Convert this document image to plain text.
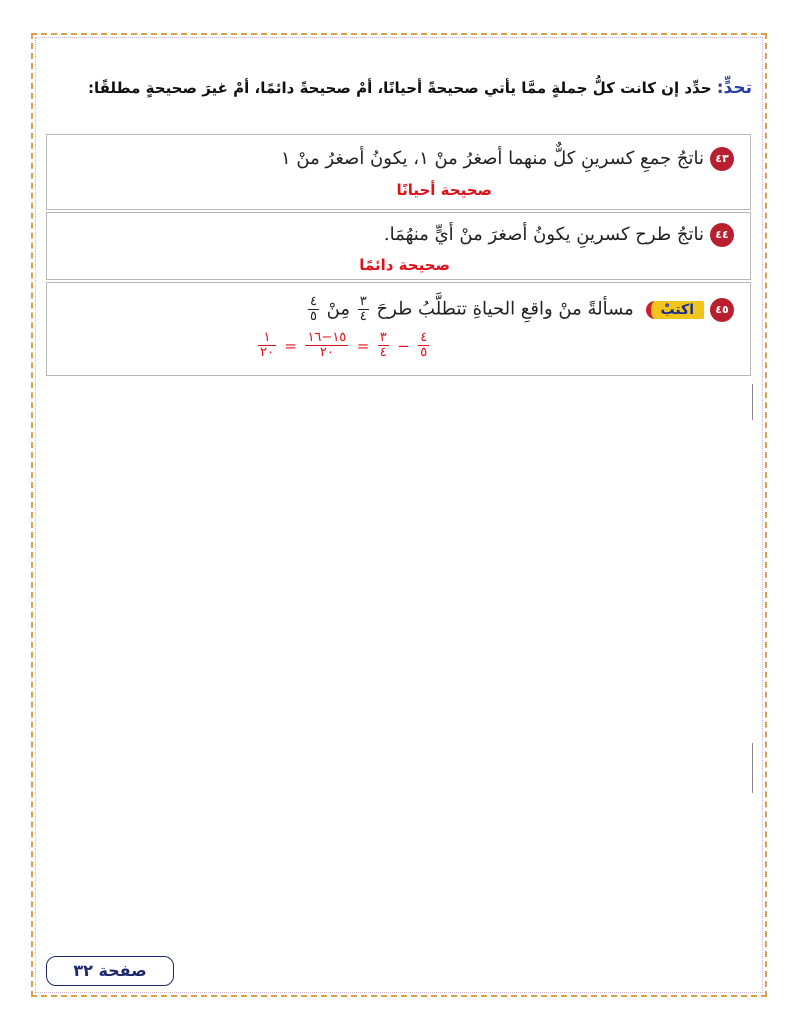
تحدٍّ: حدِّد إن كانت كلُّ جملةٍ ممَّا يأتي صحيحةً أحيانًا، أمْ صحيحةً دائمًا، أمْ غيرَ صحيحةٍ مطلقًا:
٤٣ناتجُ جمعِ كسرينِ كلٌّ منهما أصغرُ منْ ١، يكونُ أصغرُ منْ ١
صحيحة أحيانًا
٤٤ناتجُ طرح كسرينِ يكونُ أصغرَ منْ أيٍّ منهُمَا.
صحيحة دائمًا
٤٥اكتبْ مسألةً منْ واقعِ الحياةِ تتطلَّبُ طرحَ
$\frac{٣}{٤}$
مِنْ
$\frac{٤}{٥}$
$\frac{١}{٢٠} = \frac{١٥-١٦}{٢٠} = \frac{٣}{٤} - \frac{٤}{٥}$
صفحة ٣٢
